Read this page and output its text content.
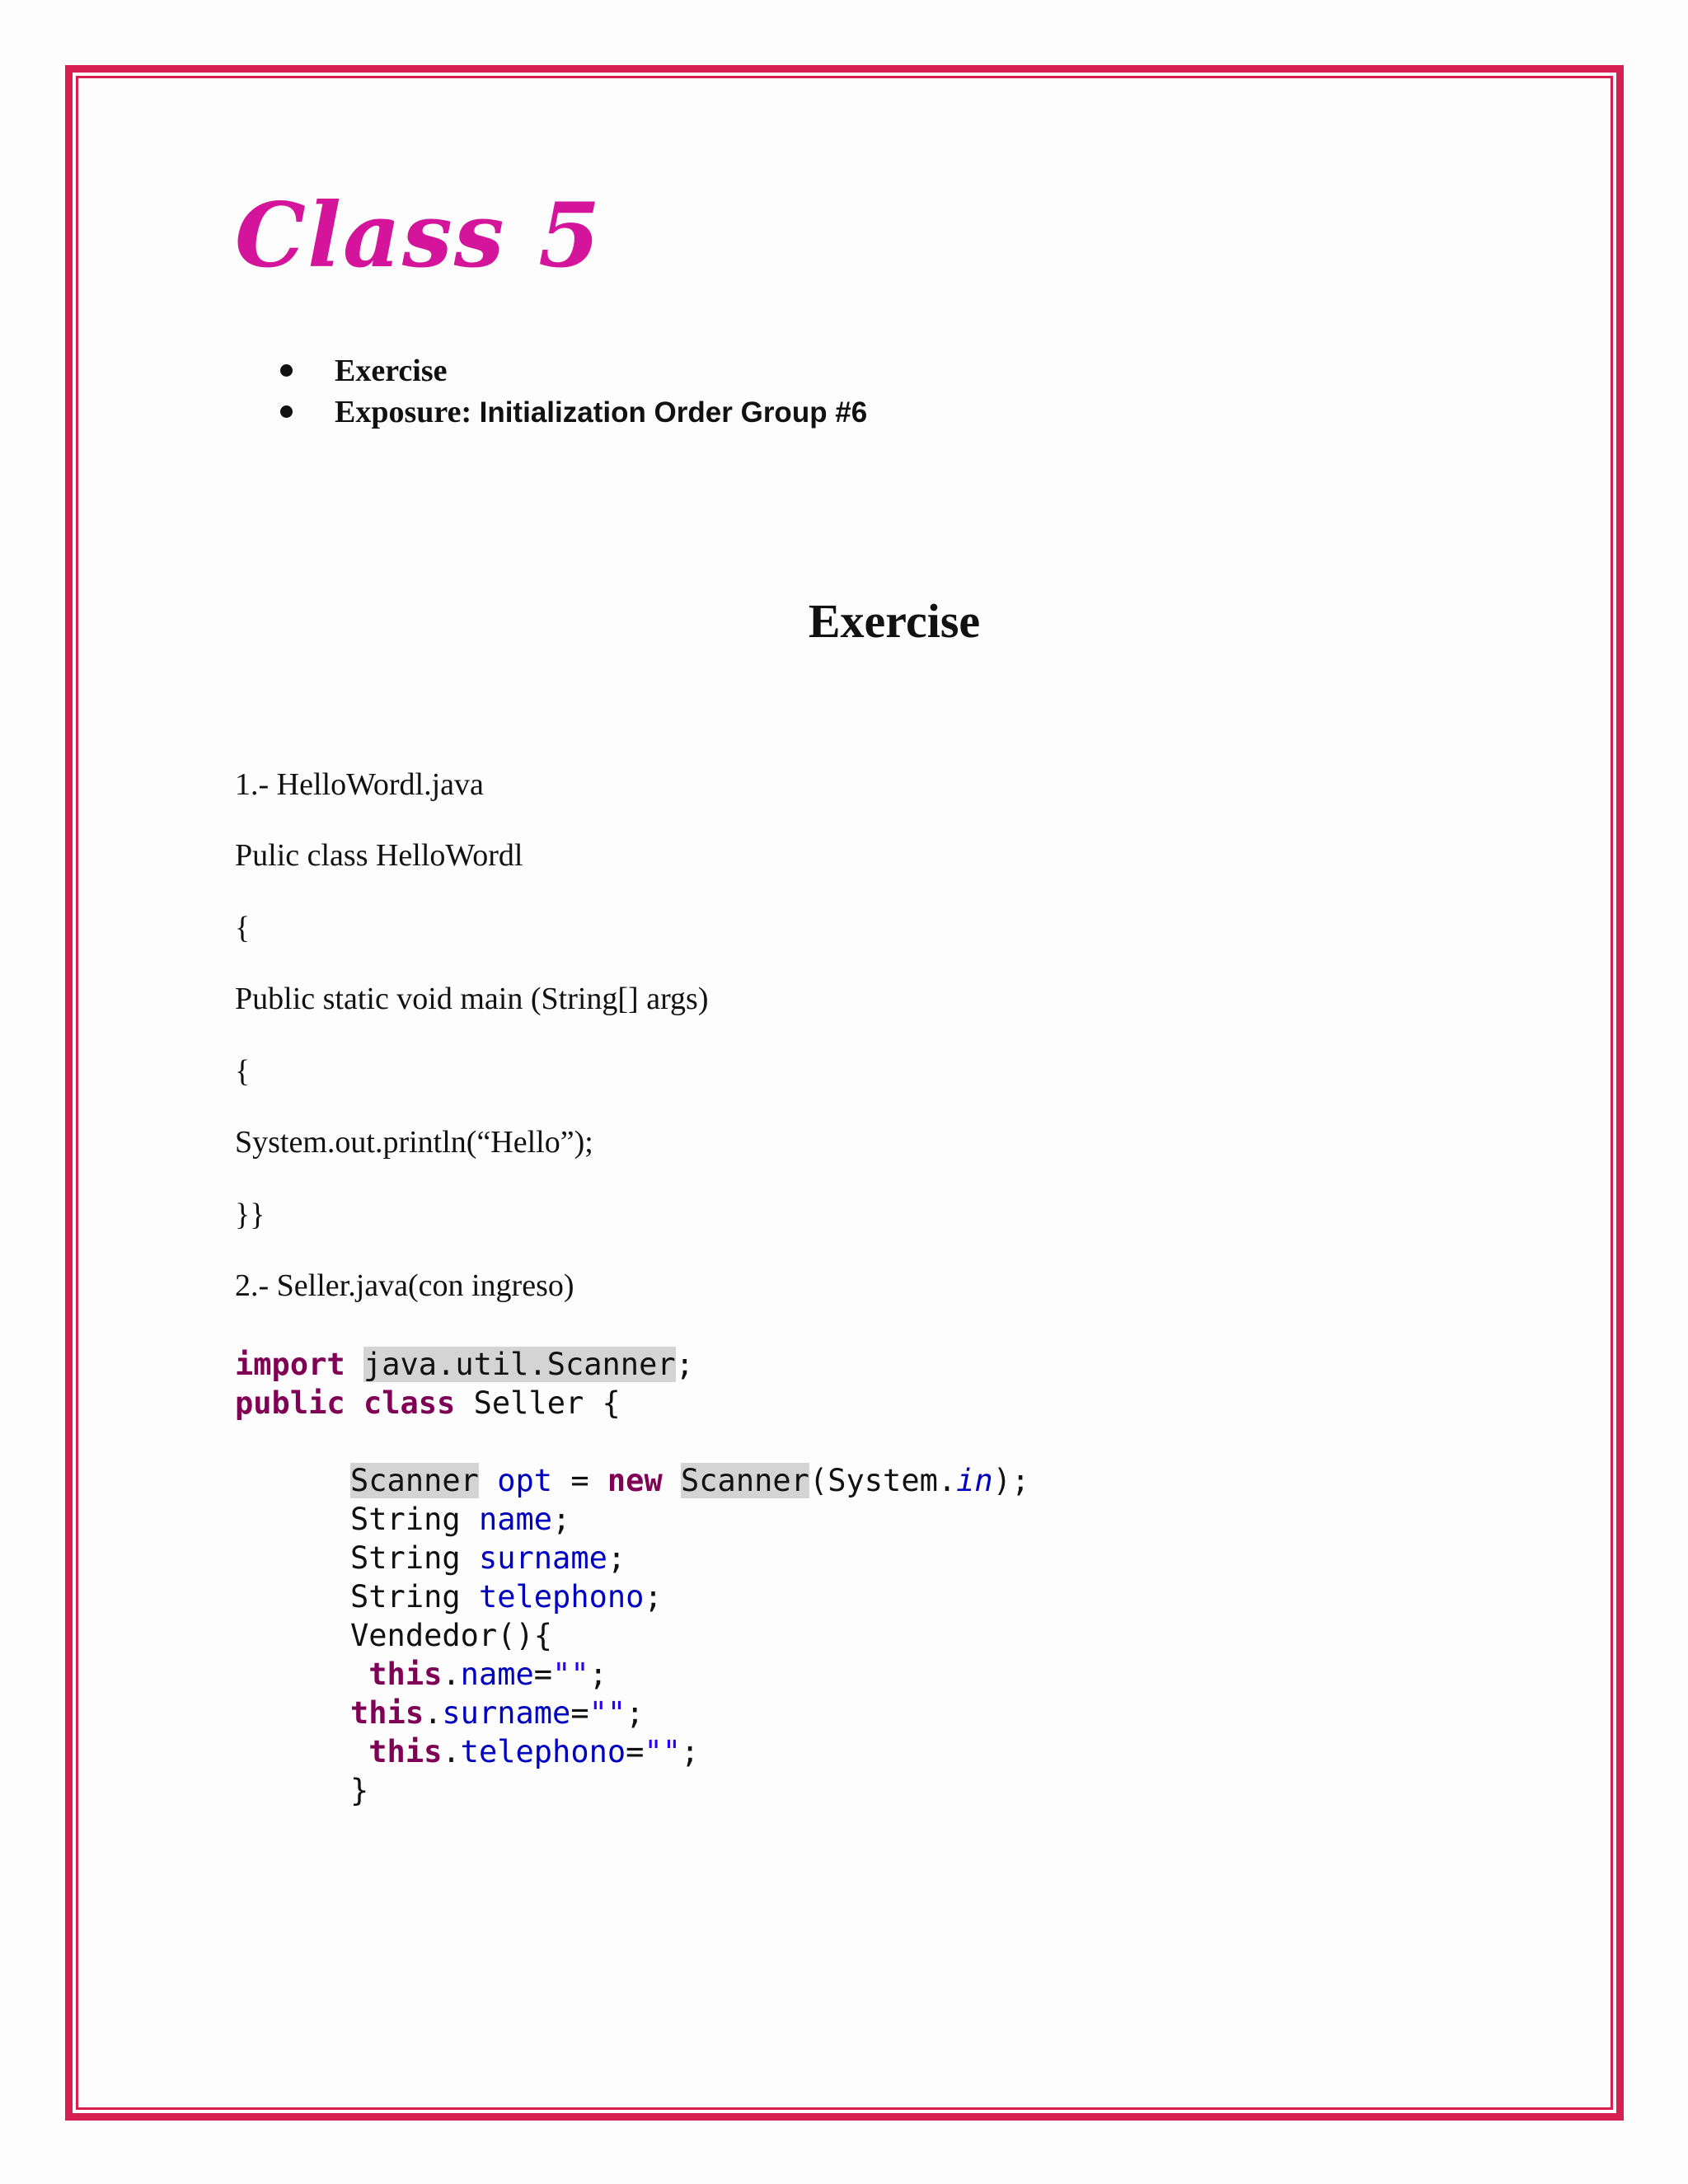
Class 5
Exercise
Exposure: Initialization Order Group #6
Exercise

1.- HelloWordl.java

Pulic class HelloWordl

{

Public static void main (String[] args)

{

System.out.println(“Hello”);

}}

2.- Seller.java(con ingreso)

import java.util.Scanner;
public class Seller {
Scanner opt = new Scanner(System.in);
String name;
String surname;
String telephono;
Vendedor(){
this.name="";
this.surname="";
this.telephono="";
}
